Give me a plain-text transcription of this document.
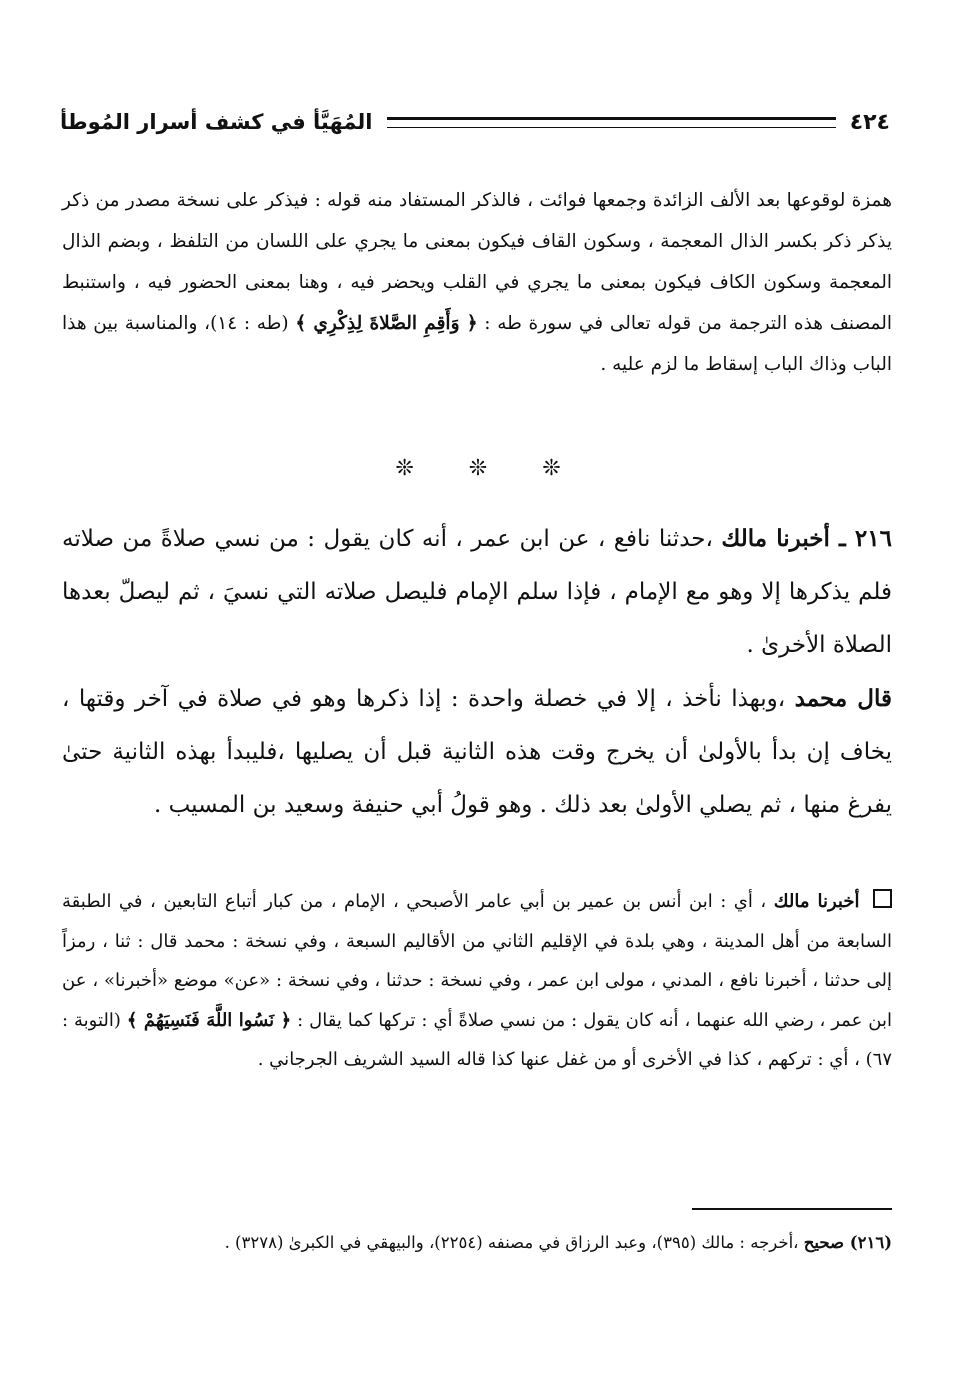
المُهَيَّأ في كشف أسرار المُوطأ	٤٢٤
همزة لوقوعها بعد الألف الزائدة وجمعها فوائت ، فالذكر المستفاد منه قوله : فيذكر على نسخة مصدر من ذكر يذكر ذكر بكسر الذال المعجمة ، وسكون القاف فيكون بمعنى ما يجري على اللسان من التلفظ ، وبضم الذال المعجمة وسكون الكاف فيكون بمعنى ما يجري في القلب ويحضر فيه ، وهنا بمعنى الحضور فيه ، واستنبط المصنف هذه الترجمة من قوله تعالى في سورة طه : ﴿ وَأَقِمِ الصَّلاةَ لِذِكْرِي ﴾ (طه : ١٤)، والمناسبة بين هذا الباب وذاك الباب إسقاط ما لزم عليه .
❊	❊	❊
٢١٦ ـ أخبرنا مالك ،حدثنا نافع ، عن ابن عمر ، أنه كان يقول : من نسي صلاةً من صلاته فلم يذكرها إلا وهو مع الإمام ، فإذا سلم الإمام فليصل صلاته التي نسيَ ، ثم ليصلّ بعدها الصلاة الأخرىٰ .
قال محمد ،وبهذا نأخذ ، إلا في خصلة واحدة : إذا ذكرها وهو في صلاة في آخر وقتها ، يخاف إن بدأ بالأولىٰ أن يخرج وقت هذه الثانية قبل أن يصليها ،فليبدأ بهذه الثانية حتىٰ يفرغ منها ، ثم يصلي الأولىٰ بعد ذلك . وهو قولُ أبي حنيفة وسعيد بن المسيب .
أخبرنا مالك ، أي : ابن أنس بن عمير بن أبي عامر الأصبحي ، الإمام ، من كبار أتباع التابعين ، في الطبقة السابعة من أهل المدينة ، وهي بلدة في الإقليم الثاني من الأقاليم السبعة ، وفي نسخة : محمد قال : ثنا ، رمزاً إلى حدثنا ، أخبرنا نافع ، المدني ، مولى ابن عمر ، وفي نسخة : حدثنا ، وفي نسخة : «عن» موضع «أخبرنا» ، عن ابن عمر ، رضي الله عنهما ، أنه كان يقول : من نسي صلاةً أي : تركها كما يقال : ﴿ نَسُوا اللَّهَ فَنَسِيَهُمْ ﴾ (التوبة : ٦٧) ، أي : تركهم ، كذا في الأخرى أو من غفل عنها كذا قاله السيد الشريف الجرجاني .
(٢١٦) صحيح ،أخرجه : مالك (٣٩٥)، وعبد الرزاق في مصنفه (٢٢٥٤)، والبيهقي في الكبرىٰ (٣٢٧٨) .
